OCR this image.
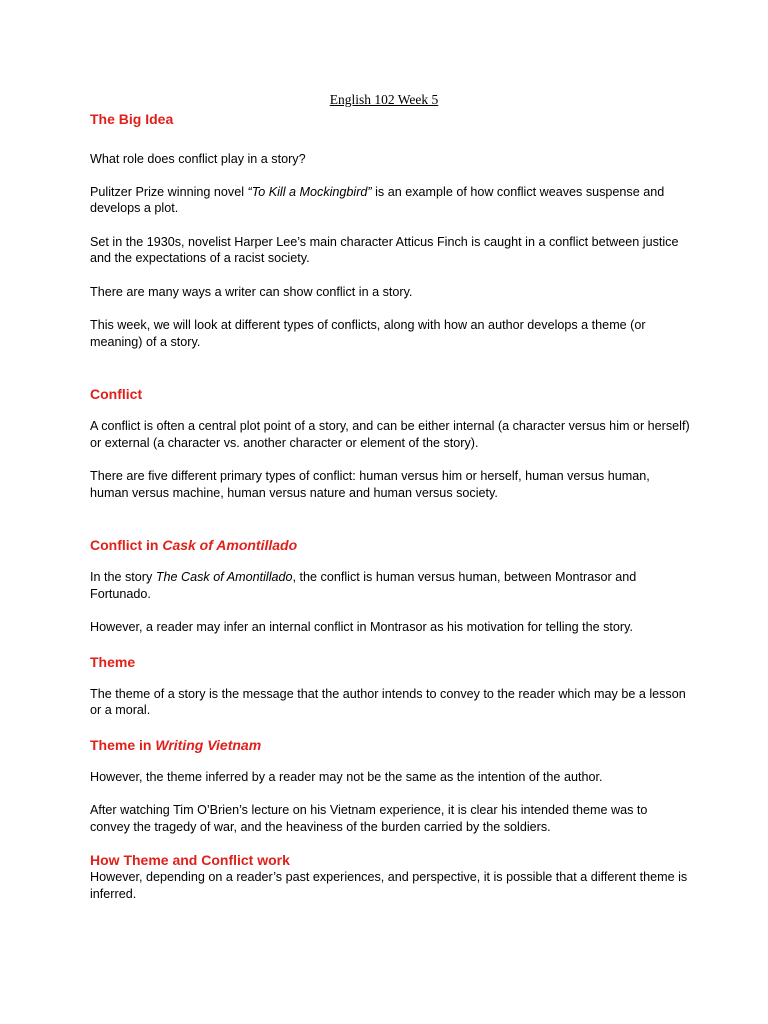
English 102 Week 5
The Big Idea

What role does conflict play in a story?

Pulitzer Prize winning novel “To Kill a Mockingbird” is an example of how conflict weaves suspense and develops a plot.

Set in the 1930s, novelist Harper Lee’s main character Atticus Finch is caught in a conflict between justice and the expectations of a racist society.

There are many ways a writer can show conflict in a story.

This week, we will look at different types of conflicts, along with how an author develops a theme (or meaning) of a story.

Conflict

A conflict is often a central plot point of a story, and can be either internal (a character versus him or herself) or external (a character vs. another character or element of the story).

There are five different primary types of conflict: human versus him or herself, human versus human, human versus machine, human versus nature and human versus society.

Conflict in Cask of Amontillado

In the story The Cask of Amontillado, the conflict is human versus human, between Montrasor and Fortunado.

However, a reader may infer an internal conflict in Montrasor as his motivation for telling the story.

Theme

The theme of a story is the message that the author intends to convey to the reader which may be a lesson or a moral.

Theme in Writing Vietnam

However, the theme inferred by a reader may not be the same as the intention of the author.

After watching Tim O’Brien’s lecture on his Vietnam experience, it is clear his intended theme was to convey the tragedy of war, and the heaviness of the burden carried by the soldiers.

How Theme and Conflict work

However, depending on a reader’s past experiences, and perspective, it is possible that a different theme is inferred.
